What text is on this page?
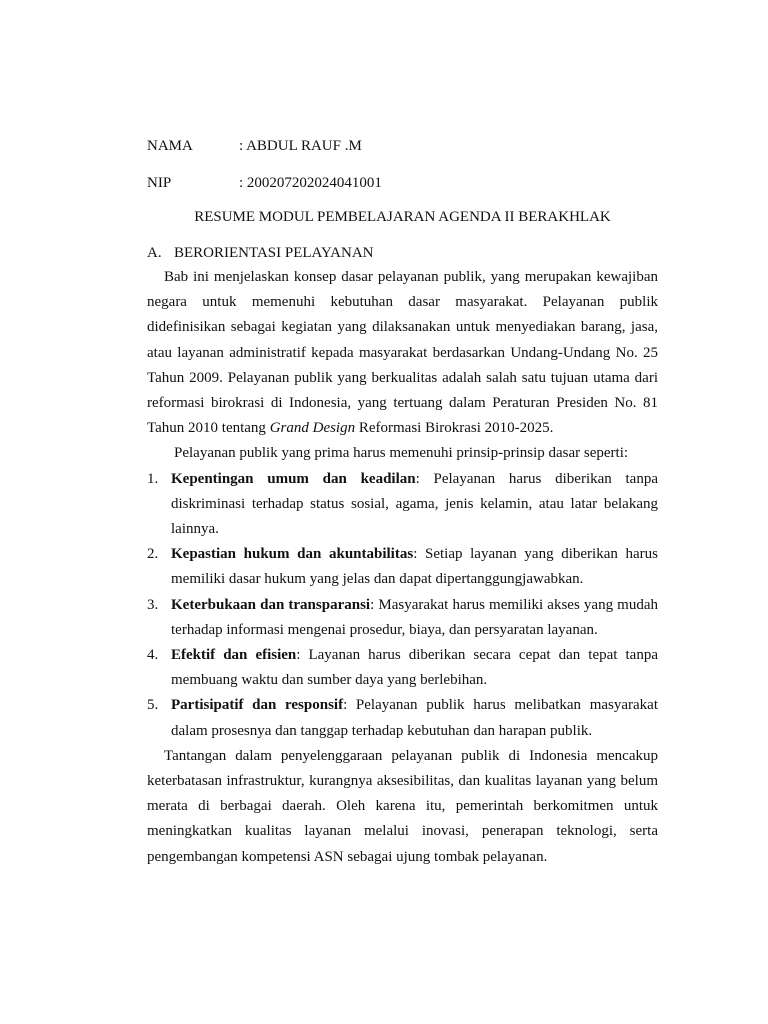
NAMA	: ABDUL RAUF .M
NIP	: 200207202024041001
RESUME MODUL PEMBELAJARAN AGENDA II BERAKHLAK
A. BERORIENTASI PELAYANAN

Bab ini menjelaskan konsep dasar pelayanan publik, yang merupakan kewajiban negara untuk memenuhi kebutuhan dasar masyarakat. Pelayanan publik didefinisikan sebagai kegiatan yang dilaksanakan untuk menyediakan barang, jasa, atau layanan administratif kepada masyarakat berdasarkan Undang-Undang No. 25 Tahun 2009. Pelayanan publik yang berkualitas adalah salah satu tujuan utama dari reformasi birokrasi di Indonesia, yang tertuang dalam Peraturan Presiden No. 81 Tahun 2010 tentang Grand Design Reformasi Birokrasi 2010-2025.

Pelayanan publik yang prima harus memenuhi prinsip-prinsip dasar seperti:

1. Kepentingan umum dan keadilan: Pelayanan harus diberikan tanpa diskriminasi terhadap status sosial, agama, jenis kelamin, atau latar belakang lainnya.
2. Kepastian hukum dan akuntabilitas: Setiap layanan yang diberikan harus memiliki dasar hukum yang jelas dan dapat dipertanggungjawabkan.
3. Keterbukaan dan transparansi: Masyarakat harus memiliki akses yang mudah terhadap informasi mengenai prosedur, biaya, dan persyaratan layanan.
4. Efektif dan efisien: Layanan harus diberikan secara cepat dan tepat tanpa membuang waktu dan sumber daya yang berlebihan.
5. Partisipatif dan responsif: Pelayanan publik harus melibatkan masyarakat dalam prosesnya dan tanggap terhadap kebutuhan dan harapan publik.

Tantangan dalam penyelenggaraan pelayanan publik di Indonesia mencakup keterbatasan infrastruktur, kurangnya aksesibilitas, dan kualitas layanan yang belum merata di berbagai daerah. Oleh karena itu, pemerintah berkomitmen untuk meningkatkan kualitas layanan melalui inovasi, penerapan teknologi, serta pengembangan kompetensi ASN sebagai ujung tombak pelayanan.
